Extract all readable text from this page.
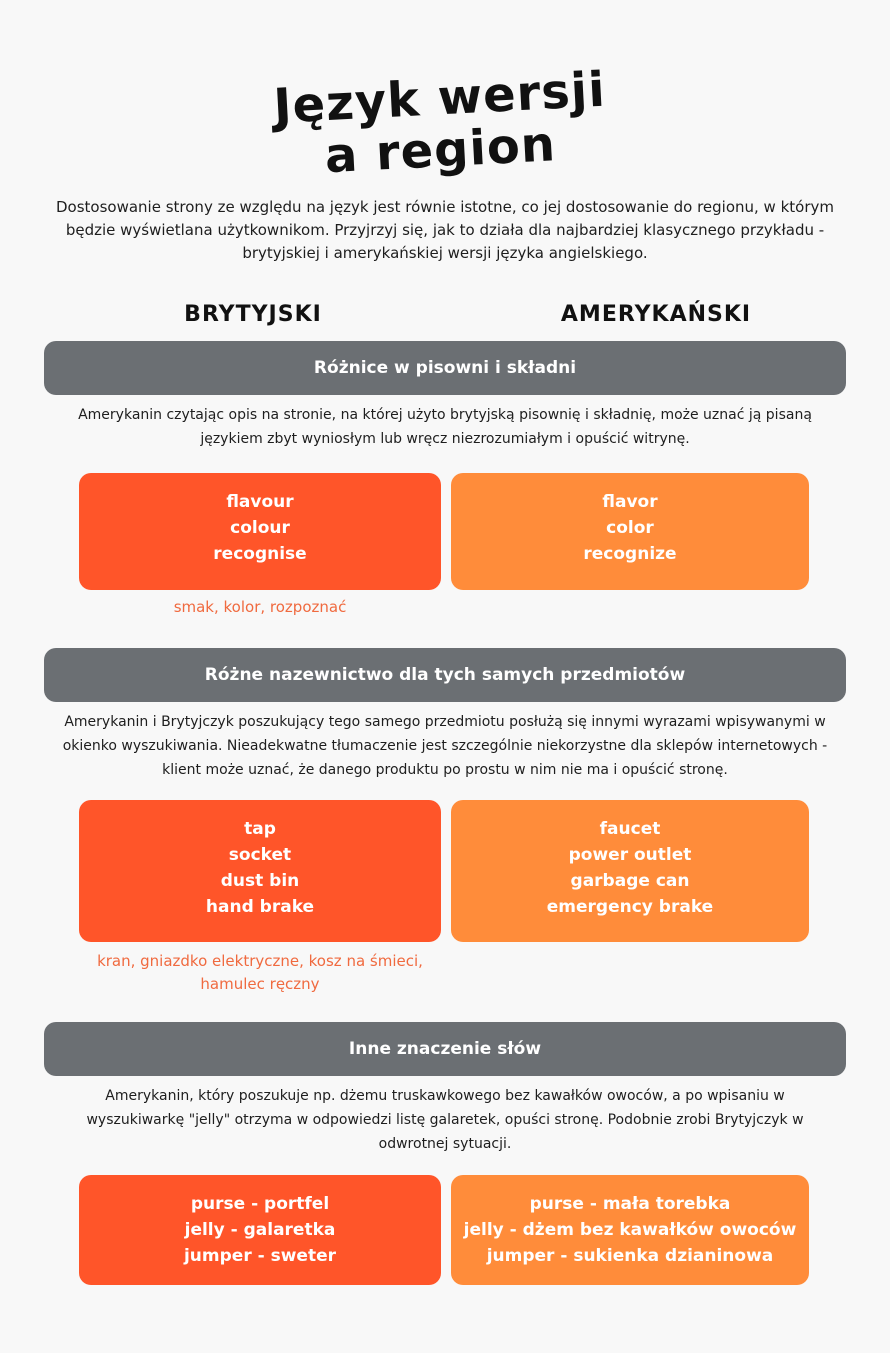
Język wersji
a region

Dostosowanie strony ze względu na język jest równie istotne, co jej dostosowanie do regionu, w którym będzie wyświetlana użytkownikom. Przyjrzyj się, jak to działa dla najbardziej klasycznego przykładu - brytyjskiej i amerykańskiej wersji języka angielskiego.

BRYTYJSKI	AMERYKAŃSKI
Różnice w pisowni i składni

Amerykanin czytając opis na stronie, na której użyto brytyjską pisownię i składnię, może uznać ją pisaną językiem zbyt wyniosłym lub wręcz niezrozumiałym i opuścić witrynę.

flavour
colour
recognise
flavor
color
recognize
smak, kolor, rozpoznać
Różne nazewnictwo dla tych samych przedmiotów

Amerykanin i Brytyjczyk poszukujący tego samego przedmiotu posłużą się innymi wyrazami wpisywanymi w okienko wyszukiwania. Nieadekwatne tłumaczenie jest szczególnie niekorzystne dla sklepów internetowych - klient może uznać, że danego produktu po prostu w nim nie ma i opuścić stronę.

tap
socket
dust bin
hand brake
faucet
power outlet
garbage can
emergency brake
kran, gniazdko elektryczne, kosz na śmieci,
hamulec ręczny
Inne znaczenie słów

Amerykanin, który poszukuje np. dżemu truskawkowego bez kawałków owoców, a po wpisaniu w wyszukiwarkę "jelly" otrzyma w odpowiedzi listę galaretek, opuści stronę. Podobnie zrobi Brytyjczyk w odwrotnej sytuacji.

purse - portfel
jelly - galaretka
jumper - sweter
purse - mała torebka
jelly - dżem bez kawałków owoców
jumper - sukienka dzianinowa
